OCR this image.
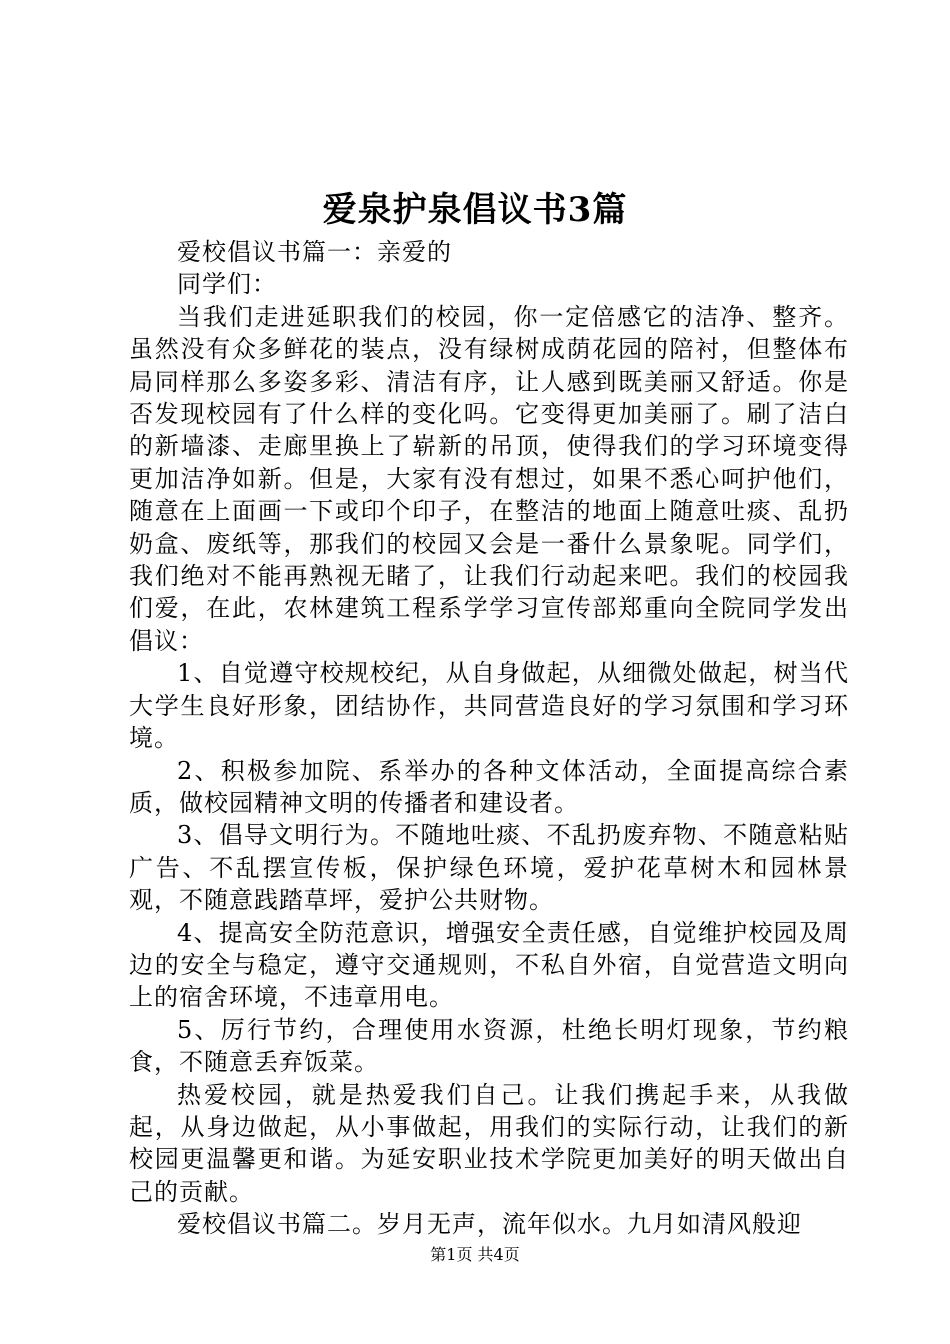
爱泉护泉倡议书3篇

爱校倡议书篇一：亲爱的

同学们：

当我们走进延职我们的校园，你一定倍感它的洁净、整齐。虽然没有众多鲜花的装点，没有绿树成荫花园的陪衬，但整体布局同样那么多姿多彩、清洁有序，让人感到既美丽又舒适。你是否发现校园有了什么样的变化吗。它变得更加美丽了。刷了洁白的新墙漆、走廊里换上了崭新的吊顶，使得我们的学习环境变得更加洁净如新。但是，大家有没有想过，如果不悉心呵护他们，随意在上面画一下或印个印子，在整洁的地面上随意吐痰、乱扔奶盒、废纸等，那我们的校园又会是一番什么景象呢。同学们，我们绝对不能再熟视无睹了，让我们行动起来吧。我们的校园我们爱，在此，农林建筑工程系学学习宣传部郑重向全院同学发出倡议：

1、自觉遵守校规校纪，从自身做起，从细微处做起，树当代大学生良好形象，团结协作，共同营造良好的学习氛围和学习环境。

2、积极参加院、系举办的各种文体活动，全面提高综合素质，做校园精神文明的传播者和建设者。

3、倡导文明行为。不随地吐痰、不乱扔废弃物、不随意粘贴广告、不乱摆宣传板，保护绿色环境，爱护花草树木和园林景观，不随意践踏草坪，爱护公共财物。

4、提高安全防范意识，增强安全责任感，自觉维护校园及周边的安全与稳定，遵守交通规则，不私自外宿，自觉营造文明向上的宿舍环境，不违章用电。

5、厉行节约，合理使用水资源，杜绝长明灯现象，节约粮食，不随意丢弃饭菜。

热爱校园，就是热爱我们自己。让我们携起手来，从我做起，从身边做起，从小事做起，用我们的实际行动，让我们的新校园更温馨更和谐。为延安职业技术学院更加美好的明天做出自己的贡献。

爱校倡议书篇二。岁月无声，流年似水。九月如清风般迎

第1页 共4页
